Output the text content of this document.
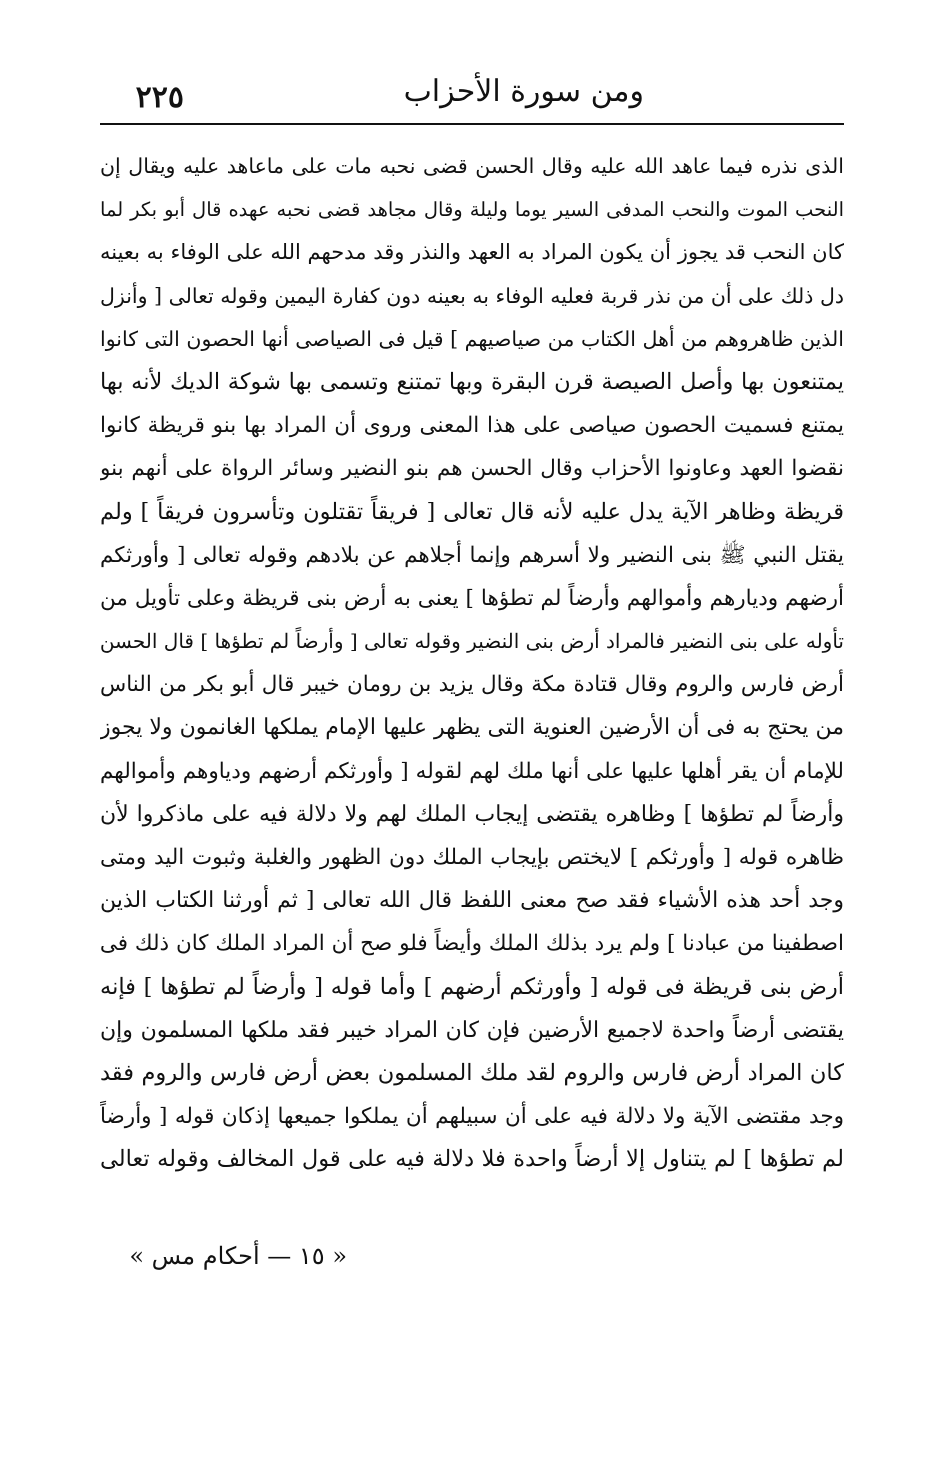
٢٢٥	ومن سورة الأحزاب
الذى نذره فيما عاهد الله عليه وقال الحسن قضى نحبه مات على ماعاهد عليه ويقال إن
النحب الموت والنحب المدفى السير يوما وليلة وقال مجاهد قضى نحبه عهده قال أبو بكر لما
كان النحب قد يجوز أن يكون المراد به العهد والنذر وقد مدحهم الله على الوفاء به بعينه
دل ذلك على أن من نذر قربة فعليه الوفاء به بعينه دون كفارة اليمين وقوله تعالى [ وأنزل
الذين ظاهروهم من أهل الكتاب من صياصيهم ] قيل فى الصياصى أنها الحصون التى كانوا
يمتنعون بها وأصل الصيصة قرن البقرة وبها تمتنع وتسمى بها شوكة الديك لأنه بها
يمتنع فسميت الحصون صياصى على هذا المعنى وروى أن المراد بها بنو قريظة كانوا
نقضوا العهد وعاونوا الأحزاب وقال الحسن هم بنو النضير وسائر الرواة على أنهم بنو
قريظة وظاهر الآية يدل عليه لأنه قال تعالى [ فريقاً تقتلون وتأسرون فريقاً ] ولم
يقتل النبي ﷺ بنى النضير ولا أسرهم وإنما أجلاهم عن بلادهم وقوله تعالى [ وأورثكم
أرضهم وديارهم وأموالهم وأرضاً لم تطؤها ] يعنى به أرض بنى قريظة وعلى تأويل من
تأوله على بنى النضير فالمراد أرض بنى النضير وقوله تعالى [ وأرضاً لم تطؤها ] قال الحسن
أرض فارس والروم وقال قتادة مكة وقال يزيد بن رومان خيبر قال أبو بكر من الناس
من يحتج به فى أن الأرضين العنوية التى يظهر عليها الإمام يملكها الغانمون ولا يجوز
للإمام أن يقر أهلها عليها على أنها ملك لهم لقوله [ وأورثكم أرضهم ودياوهم وأموالهم
وأرضاً لم تطؤها ] وظاهره يقتضى إيجاب الملك لهم ولا دلالة فيه على ماذكروا لأن
ظاهره قوله [ وأورثكم ] لايختص بإيجاب الملك دون الظهور والغلبة وثبوت اليد ومتى
وجد أحد هذه الأشياء فقد صح معنى اللفظ قال الله تعالى [ ثم أورثنا الكتاب الذين
اصطفينا من عبادنا ] ولم يرد بذلك الملك وأيضاً فلو صح أن المراد الملك كان ذلك فى
أرض بنى قريظة فى قوله [ وأورثكم أرضهم ] وأما قوله [ وأرضاً لم تطؤها ] فإنه
يقتضى أرضاً واحدة لاجميع الأرضين فإن كان المراد خيبر فقد ملكها المسلمون وإن
كان المراد أرض فارس والروم لقد ملك المسلمون بعض أرض فارس والروم فقد
وجد مقتضى الآية ولا دلالة فيه على أن سبيلهم أن يملكوا جميعها إذكان قوله [ وأرضاً
لم تطؤها ] لم يتناول إلا أرضاً واحدة فلا دلالة فيه على قول المخالف وقوله تعالى
« ١٥ — أحكام مس »
